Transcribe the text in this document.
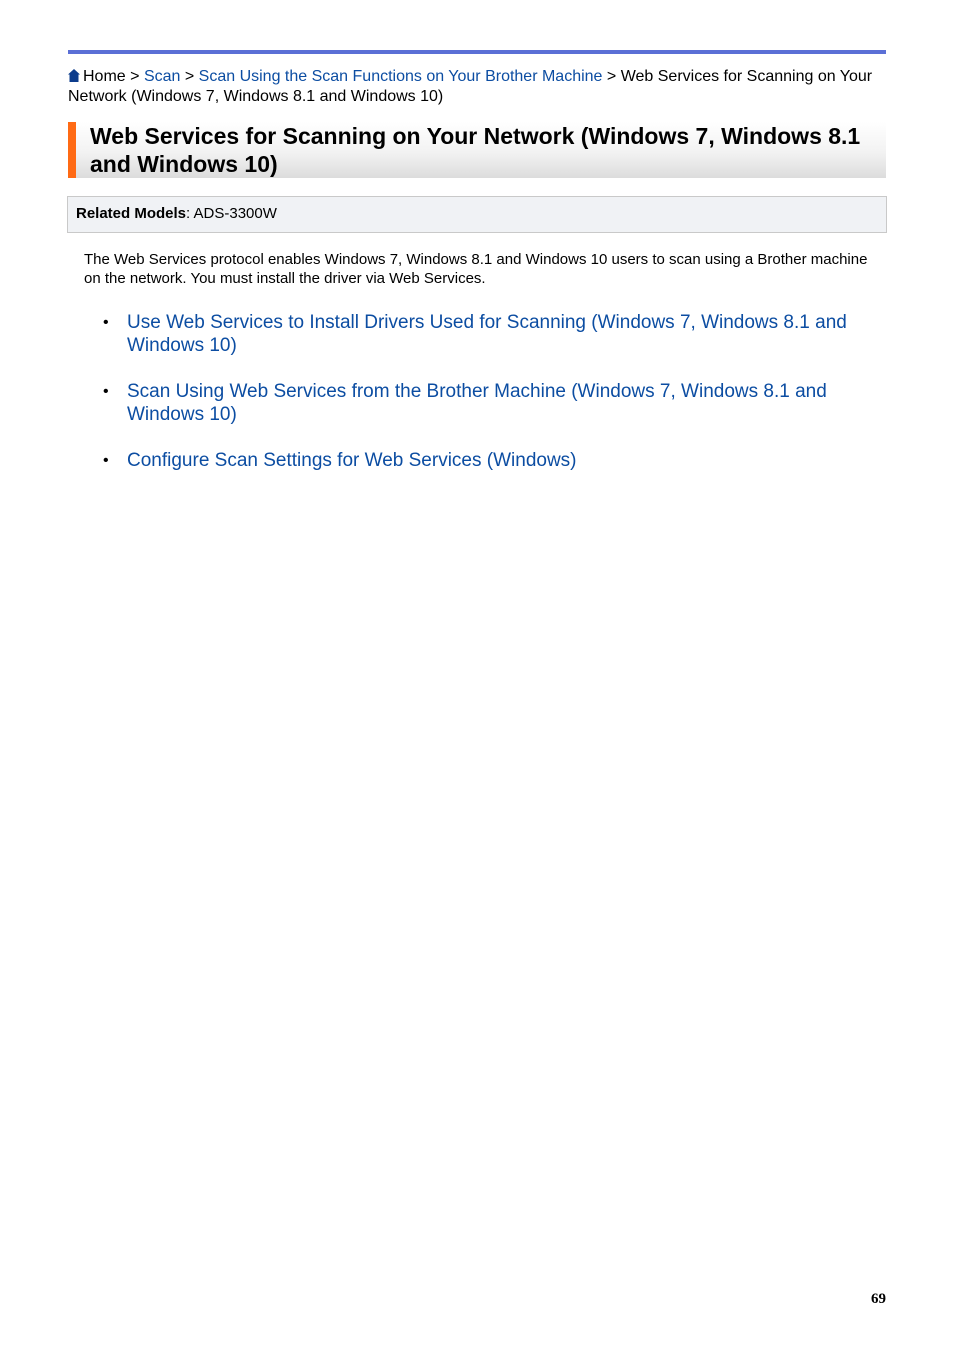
Home > Scan > Scan Using the Scan Functions on Your Brother Machine > Web Services for Scanning on Your Network (Windows 7, Windows 8.1 and Windows 10)
Web Services for Scanning on Your Network (Windows 7, Windows 8.1 and Windows 10)
Related Models: ADS-3300W

The Web Services protocol enables Windows 7, Windows 8.1 and Windows 10 users to scan using a Brother machine on the network. You must install the driver via Web Services.

• Use Web Services to Install Drivers Used for Scanning (Windows 7, Windows 8.1 and Windows 10)
• Scan Using Web Services from the Brother Machine (Windows 7, Windows 8.1 and Windows 10)
• Configure Scan Settings for Web Services (Windows)
69
